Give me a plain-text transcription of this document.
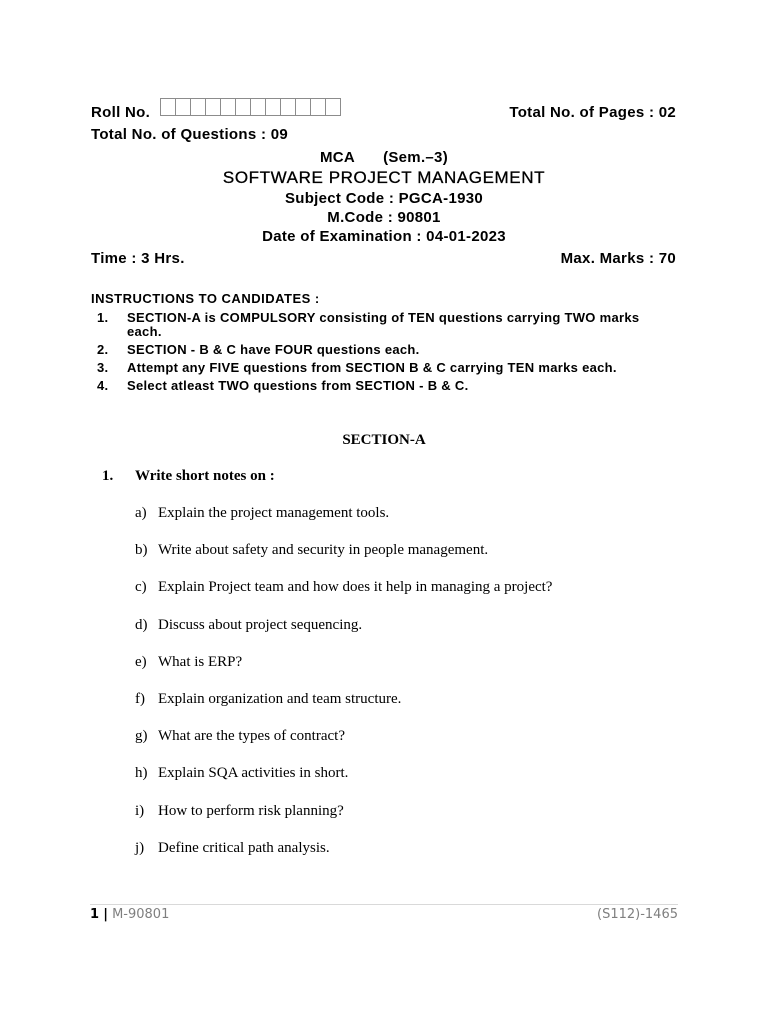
Roll No.	Total No. of Pages : 02
Total No. of Questions : 09
MCA (Sem.–3)
SOFTWARE PROJECT MANAGEMENT
Subject Code : PGCA-1930
M.Code : 90801
Date of Examination : 04-01-2023
Time : 3 Hrs.	Max. Marks : 70
INSTRUCTIONS TO CANDIDATES :
1.	SECTION-A is COMPULSORY consisting of TEN questions carrying TWO marks each.
2.	SECTION - B & C have FOUR questions each.
3.	Attempt any FIVE questions from SECTION B & C carrying TEN marks each.
4.	Select atleast TWO questions from SECTION - B & C.
SECTION-A
1. Write short notes on :
a) Explain the project management tools.
b) Write about safety and security in people management.
c) Explain Project team and how does it help in managing a project?
d) Discuss about project sequencing.
e) What is ERP?
f) Explain organization and team structure.
g) What are the types of contract?
h) Explain SQA activities in short.
i) How to perform risk planning?
j) Define critical path analysis.
1 | M-90801	(S112)-1465
